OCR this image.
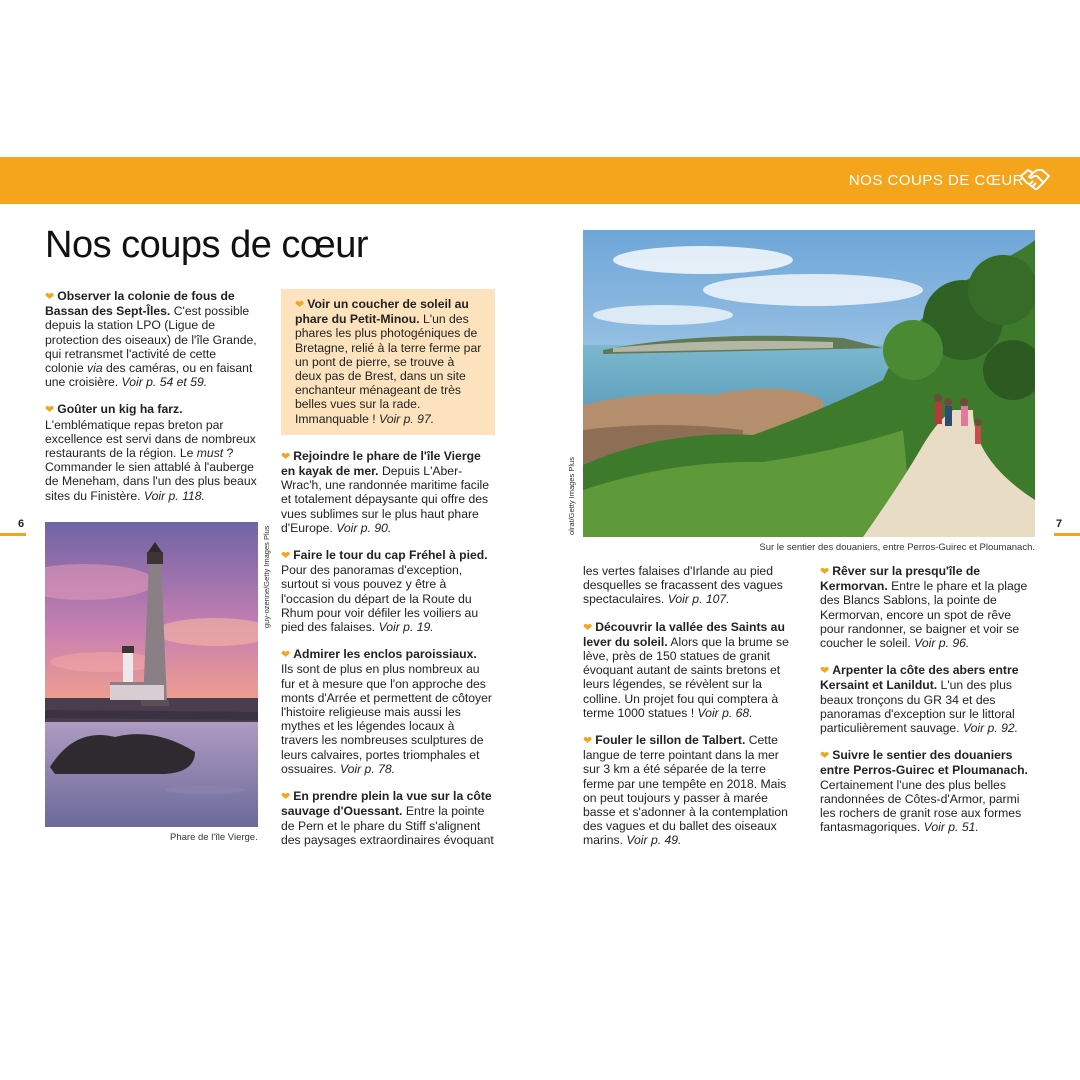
NOS COUPS DE CŒUR
6	7
Nos coups de cœur

❤ Observer la colonie de fous de Bassan des Sept-Îles. C'est possible depuis la station LPO (Ligue de protection des oiseaux) de l'île Grande, qui retransmet l'activité de cette colonie via des caméras, ou en faisant une croisière. Voir p. 54 et 59.

❤ Goûter un kig ha farz.
L'emblématique repas breton par excellence est servi dans de nombreux restaurants de la région. Le must ? Commander le sien attablé à l'auberge de Meneham, dans l'un des plus beaux sites du Finistère. Voir p. 118.

guy-ozenne/Getty Images Plus
Phare de l'île Vierge.
❤ Voir un coucher de soleil au phare du Petit-Minou. L'un des phares les plus photogéniques de Bretagne, relié à la terre ferme par un pont de pierre, se trouve à deux pas de Brest, dans un site enchanteur ménageant de très belles vues sur la rade. Immanquable ! Voir p. 97.

❤ Rejoindre le phare de l'île Vierge en kayak de mer. Depuis L'Aber-Wrac'h, une randonnée maritime facile et totalement dépaysante qui offre des vues sublimes sur le plus haut phare d'Europe. Voir p. 90.

❤ Faire le tour du cap Fréhel à pied.
Pour des panoramas d'exception, surtout si vous pouvez y être à l'occasion du départ de la Route du Rhum pour voir défiler les voiliers au pied des falaises. Voir p. 19.

❤ Admirer les enclos paroissiaux.
Ils sont de plus en plus nombreux au fur et à mesure que l'on approche des monts d'Arrée et permettent de côtoyer l'histoire religieuse mais aussi les mythes et les légendes locaux à travers les nombreuses sculptures de leurs calvaires, portes triomphales et ossuaires. Voir p. 78.

❤ En prendre plein la vue sur la côte sauvage d'Ouessant. Entre la pointe de Pern et le phare du Stiff s'alignent des paysages extraordinaires évoquant

olrat/Getty Images Plus
Sur le sentier des douaniers, entre Perros-Guirec et Ploumanach.

les vertes falaises d'Irlande au pied desquelles se fracassent des vagues spectaculaires. Voir p. 107.

❤ Découvrir la vallée des Saints au lever du soleil. Alors que la brume se lève, près de 150 statues de granit évoquant autant de saints bretons et leurs légendes, se révèlent sur la colline. Un projet fou qui comptera à terme 1000 statues ! Voir p. 68.

❤ Fouler le sillon de Talbert. Cette langue de terre pointant dans la mer sur 3 km a été séparée de la terre ferme par une tempête en 2018. Mais on peut toujours y passer à marée basse et s'adonner à la contemplation des vagues et du ballet des oiseaux marins. Voir p. 49.

❤ Rêver sur la presqu'île de Kermorvan. Entre le phare et la plage des Blancs Sablons, la pointe de Kermorvan, encore un spot de rêve pour randonner, se baigner et voir se coucher le soleil. Voir p. 96.

❤ Arpenter la côte des abers entre Kersaint et Lanildut. L'un des plus beaux tronçons du GR 34 et des panoramas d'exception sur le littoral particulièrement sauvage. Voir p. 92.

❤ Suivre le sentier des douaniers entre Perros-Guirec et Ploumanach. Certainement l'une des plus belles randonnées de Côtes-d'Armor, parmi les rochers de granit rose aux formes fantasmagoriques. Voir p. 51.
